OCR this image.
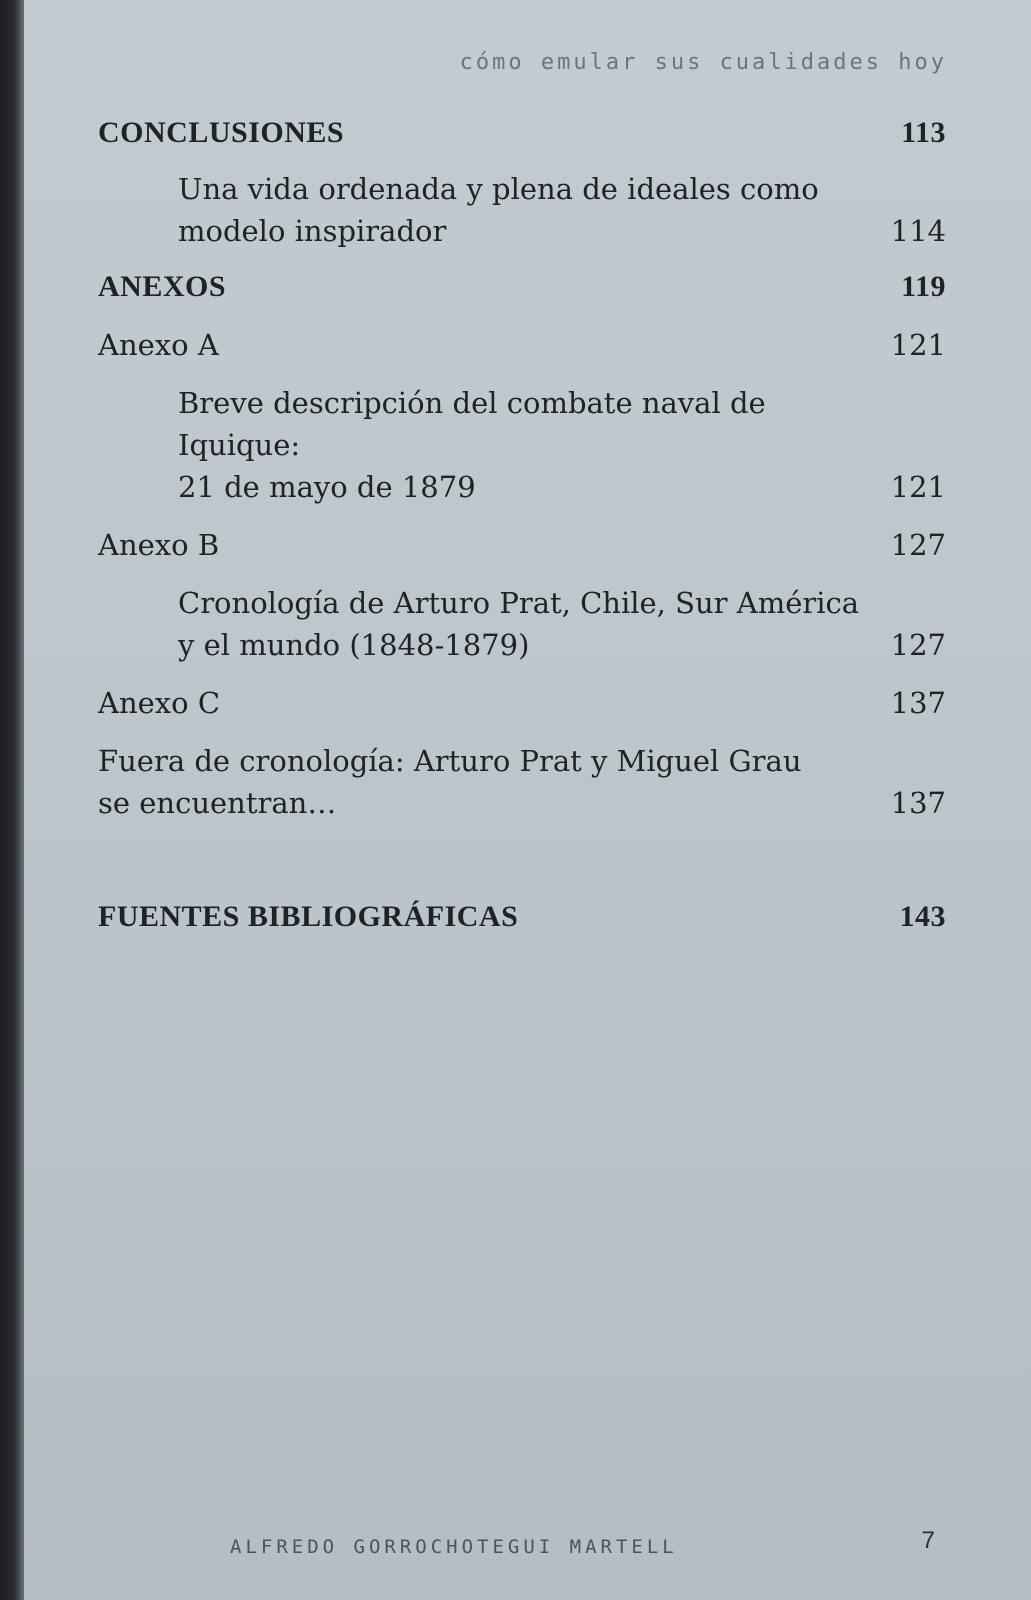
cómo emular sus cualidades hoy
CONCLUSIONES	113
Una vida ordenada y plena de ideales como
modelo inspirador	114
ANEXOS	119
Anexo A	121
Breve descripción del combate naval de Iquique:
21 de mayo de 1879	121
Anexo B	127
Cronología de Arturo Prat, Chile, Sur América
y el mundo (1848-1879)	127
Anexo C	137
Fuera de cronología: Arturo Prat y Miguel Grau
se encuentran…	137
FUENTES BIBLIOGRÁFICAS	143
ALFREDO GORROCHOTEGUI MARTELL	7
